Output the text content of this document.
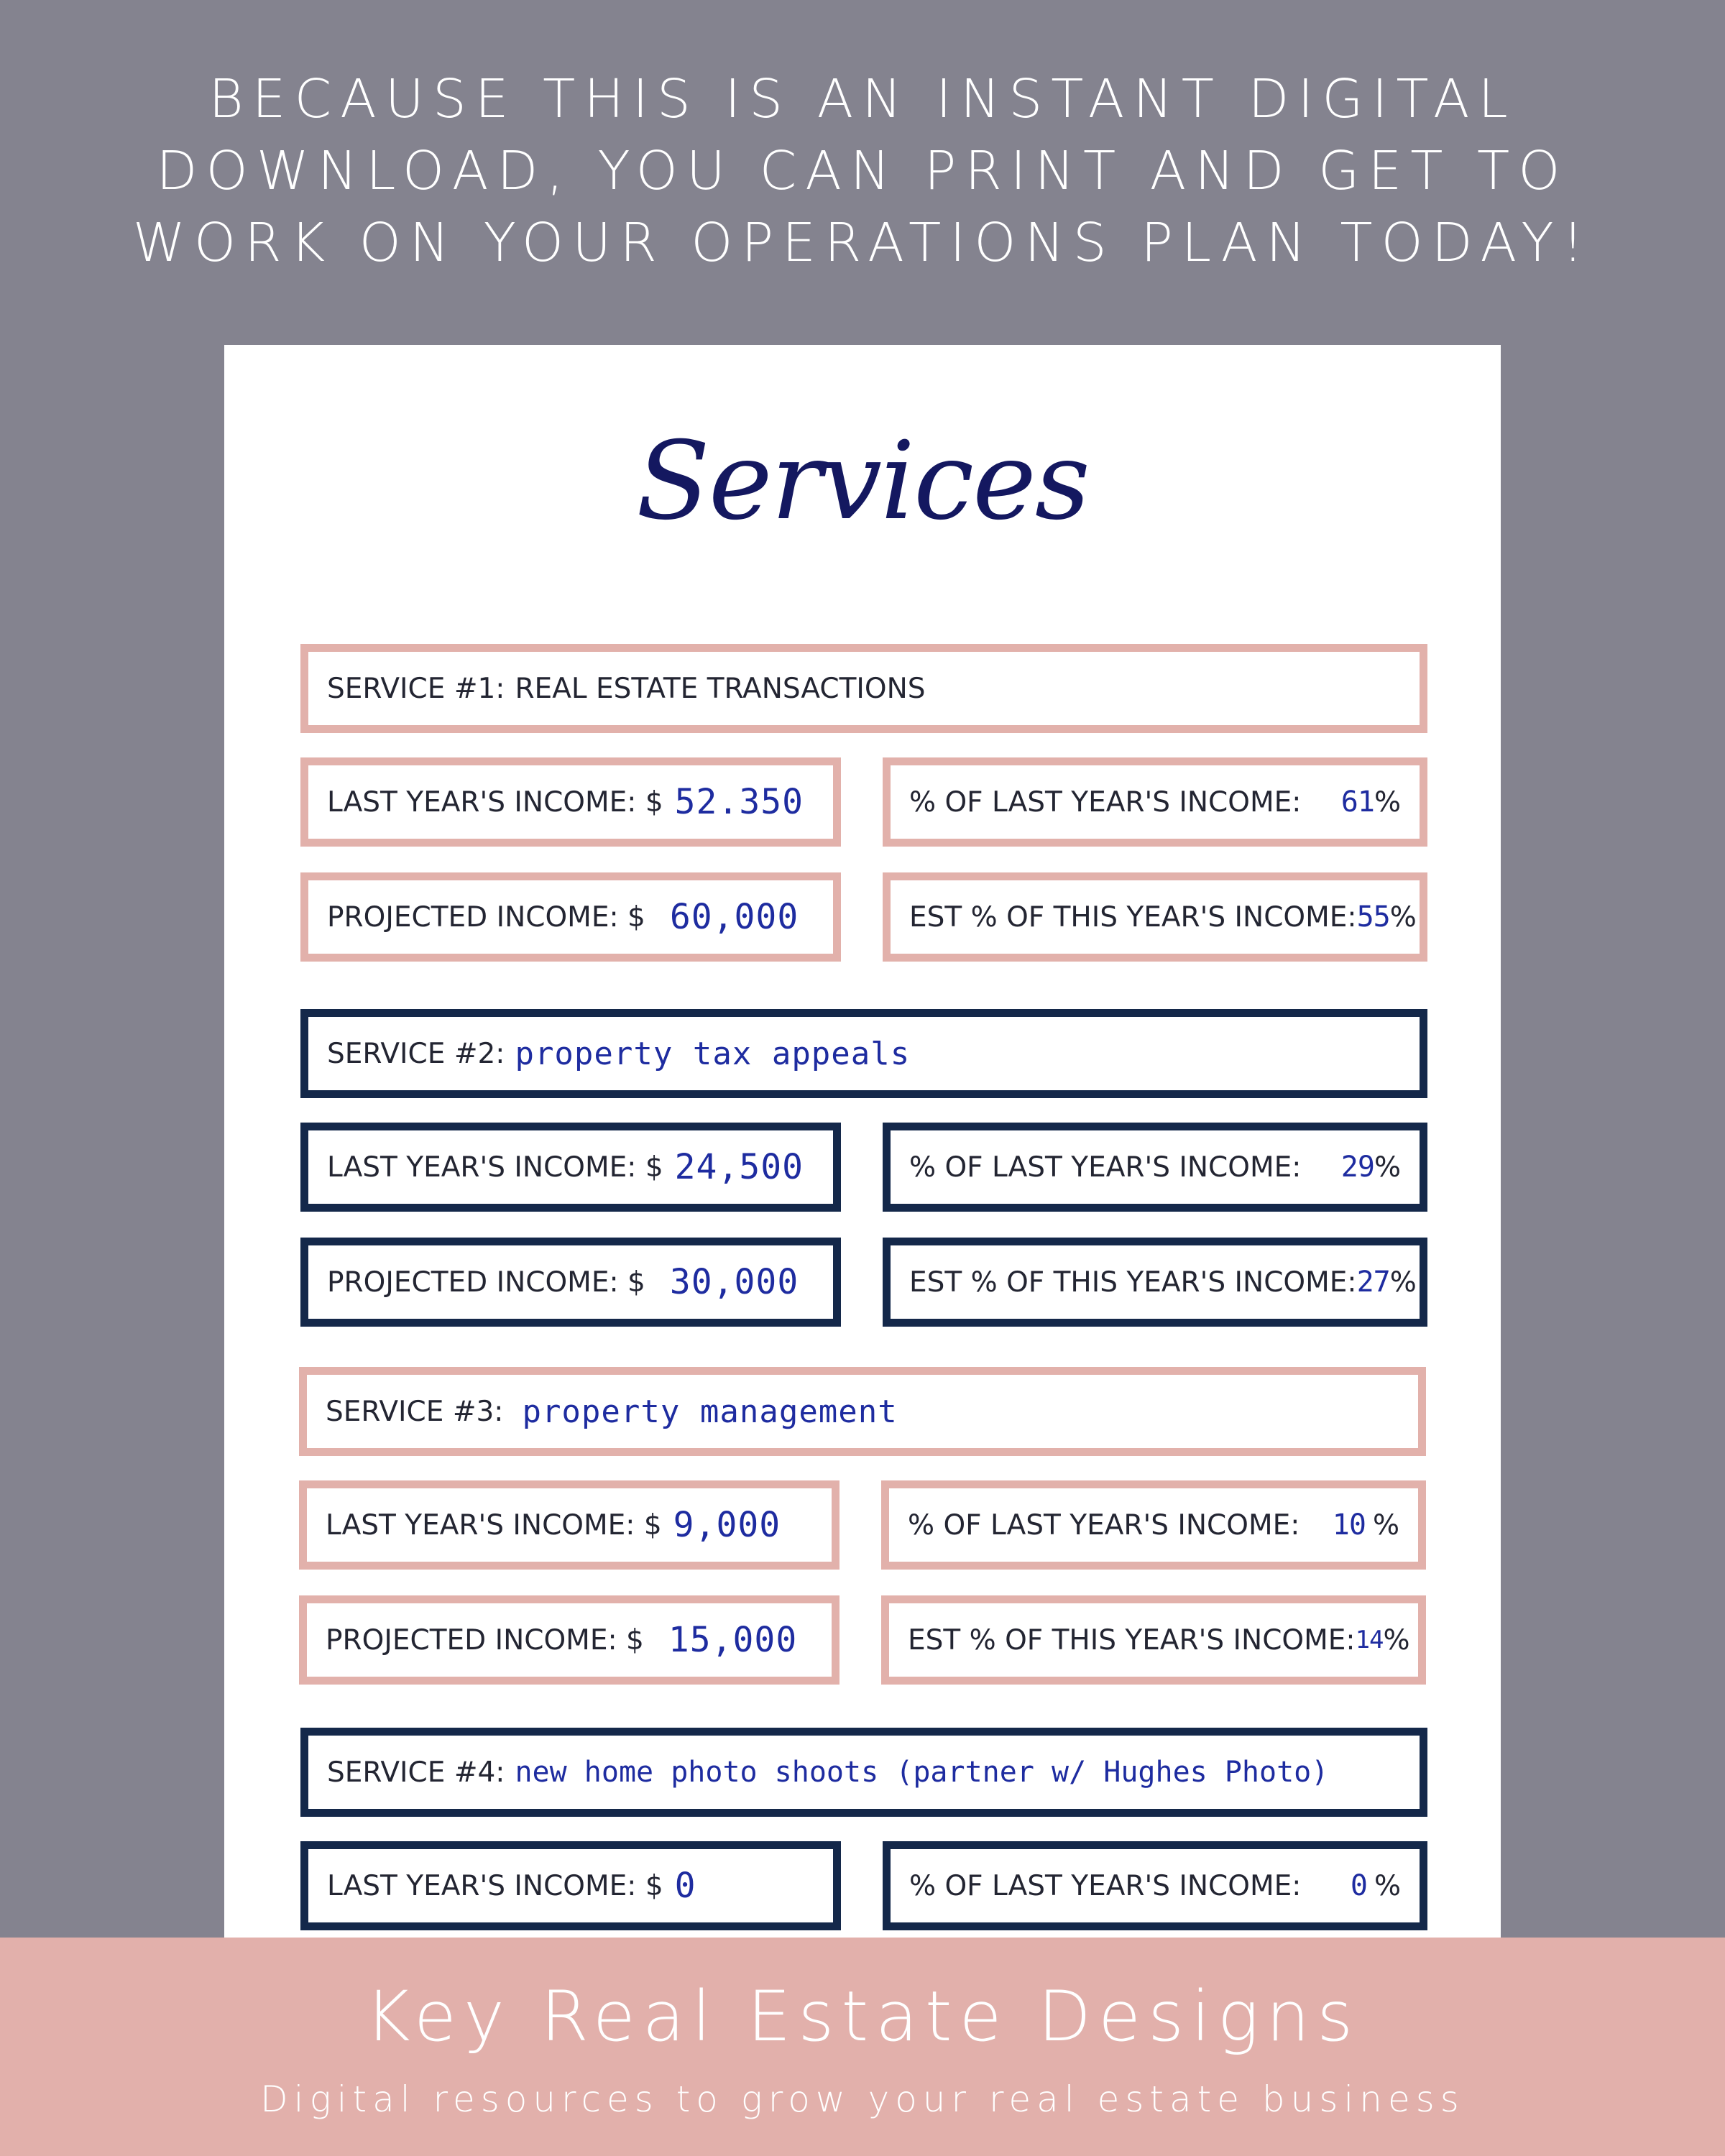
BECAUSE THIS IS AN INSTANT DIGITAL
DOWNLOAD, YOU CAN PRINT AND GET TO
WORK ON YOUR OPERATIONS PLAN TODAY!
Services
SERVICE #1: REAL ESTATE TRANSACTIONS
LAST YEAR'S INCOME: $ 52.350	% OF LAST YEAR'S INCOME: 61 %
PROJECTED INCOME: $ 60,000	EST % OF THIS YEAR'S INCOME: 55 %
SERVICE #2: property tax appeals
LAST YEAR'S INCOME: $ 24,500	% OF LAST YEAR'S INCOME: 29 %
PROJECTED INCOME: $ 30,000	EST % OF THIS YEAR'S INCOME: 27 %
SERVICE #3: property management
LAST YEAR'S INCOME: $ 9,000	% OF LAST YEAR'S INCOME: 10 %
PROJECTED INCOME: $ 15,000	EST % OF THIS YEAR'S INCOME: 14 %
SERVICE #4: new home photo shoots (partner w/ Hughes Photo)
LAST YEAR'S INCOME: $ 0	% OF LAST YEAR'S INCOME: 0 %
Key Real Estate Designs
Digital resources to grow your real estate business
